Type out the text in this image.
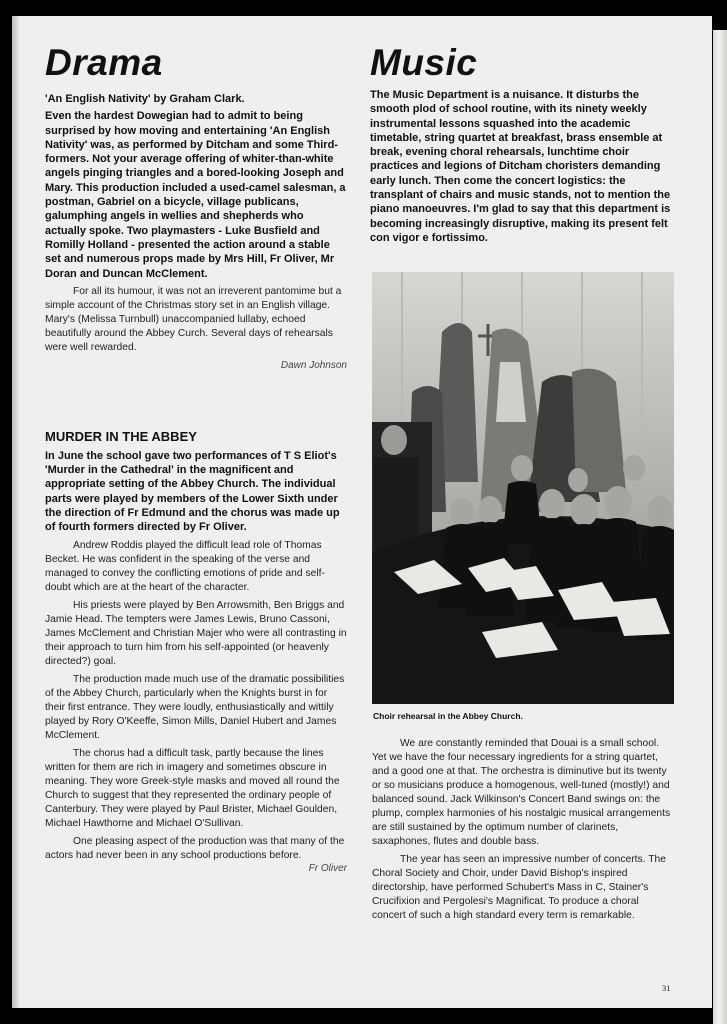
Drama

'An English Nativity' by Graham Clark.

Even the hardest Dowegian had to admit to being surprised by how moving and entertaining 'An English Nativity' was, as performed by Ditcham and some Third-formers. Not your average offering of whiter-than-white angels pinging triangles and a bored-looking Joseph and Mary. This production included a used-camel salesman, a postman, Gabriel on a bicycle, village publicans, galumphing angels in wellies and shepherds who actually spoke. Two playmasters - Luke Busfield and Romilly Holland - presented the action around a stable set and numerous props made by Mrs Hill, Fr Oliver, Mr Doran and Duncan McClement.

For all its humour, it was not an irreverent pantomime but a simple account of the Christmas story set in an English village. Mary's (Melissa Turnbull) unaccompanied lullaby, echoed beautifully around the Abbey Curch. Several days of rehearsals were well rewarded.

Dawn Johnson

MURDER IN THE ABBEY

In June the school gave two performances of T S Eliot's 'Murder in the Cathedral' in the magnificent and appropriate setting of the Abbey Church. The individual parts were played by members of the Lower Sixth under the direction of Fr Edmund and the chorus was made up of fourth formers directed by Fr Oliver.

Andrew Roddis played the difficult lead role of Thomas Becket. He was confident in the speaking of the verse and managed to convey the conflicting emotions of pride and self-doubt which are at the heart of the character.

His priests were played by Ben Arrowsmith, Ben Briggs and Jamie Head. The tempters were James Lewis, Bruno Cassoni, James McClement and Christian Majer who were all contrasting in their approach to turn him from his self-appointed (or heavenly directed?) goal.

The production made much use of the dramatic possibilities of the Abbey Church, particularly when the Knights burst in for their first entrance. They were loudly, enthusiastically and wittily played by Rory O'Keeffe, Simon Mills, Daniel Hubert and James McClement.

The chorus had a difficult task, partly because the lines written for them are rich in imagery and sometimes obscure in meaning. They wore Greek-style masks and moved all round the Church to suggest that they represented the ordinary people of Canterbury. They were played by Paul Brister, Michael Goulden, Michael Hawthorne and Michael O'Sullivan.

One pleasing aspect of the production was that many of the actors had never been in any school productions before.

Fr Oliver

Music

The Music Department is a nuisance. It disturbs the smooth plod of school routine, with its ninety weekly instrumental lessons squashed into the academic timetable, string quartet at breakfast, brass ensemble at break, evening choral rehearsals, lunchtime choir practices and legions of Ditcham choristers demanding early lunch. Then come the concert logistics: the transplant of chairs and music stands, not to mention the piano manoeuvres. I'm glad to say that this department is becoming increasingly disruptive, making its present felt con vigor e fortissimo.

Choir rehearsal in the Abbey Church.

We are constantly reminded that Douai is a small school. Yet we have the four necessary ingredients for a string quartet, and a good one at that. The orchestra is diminutive but its twenty or so musicians produce a homogenous, well-tuned (mostly!) and balanced sound. Jack Wilkinson's Concert Band swings on: the plump, complex harmonies of his nostalgic musical arrangements are still sustained by the optimum number of clarinets, saxaphones, flutes and double bass.

The year has seen an impressive number of concerts. The Choral Society and Choir, under David Bishop's inspired directorship, have performed Schubert's Mass in C, Stainer's Crucifixion and Pergolesi's Magnificat. To produce a choral concert of such a high standard every term is remarkable.

31
